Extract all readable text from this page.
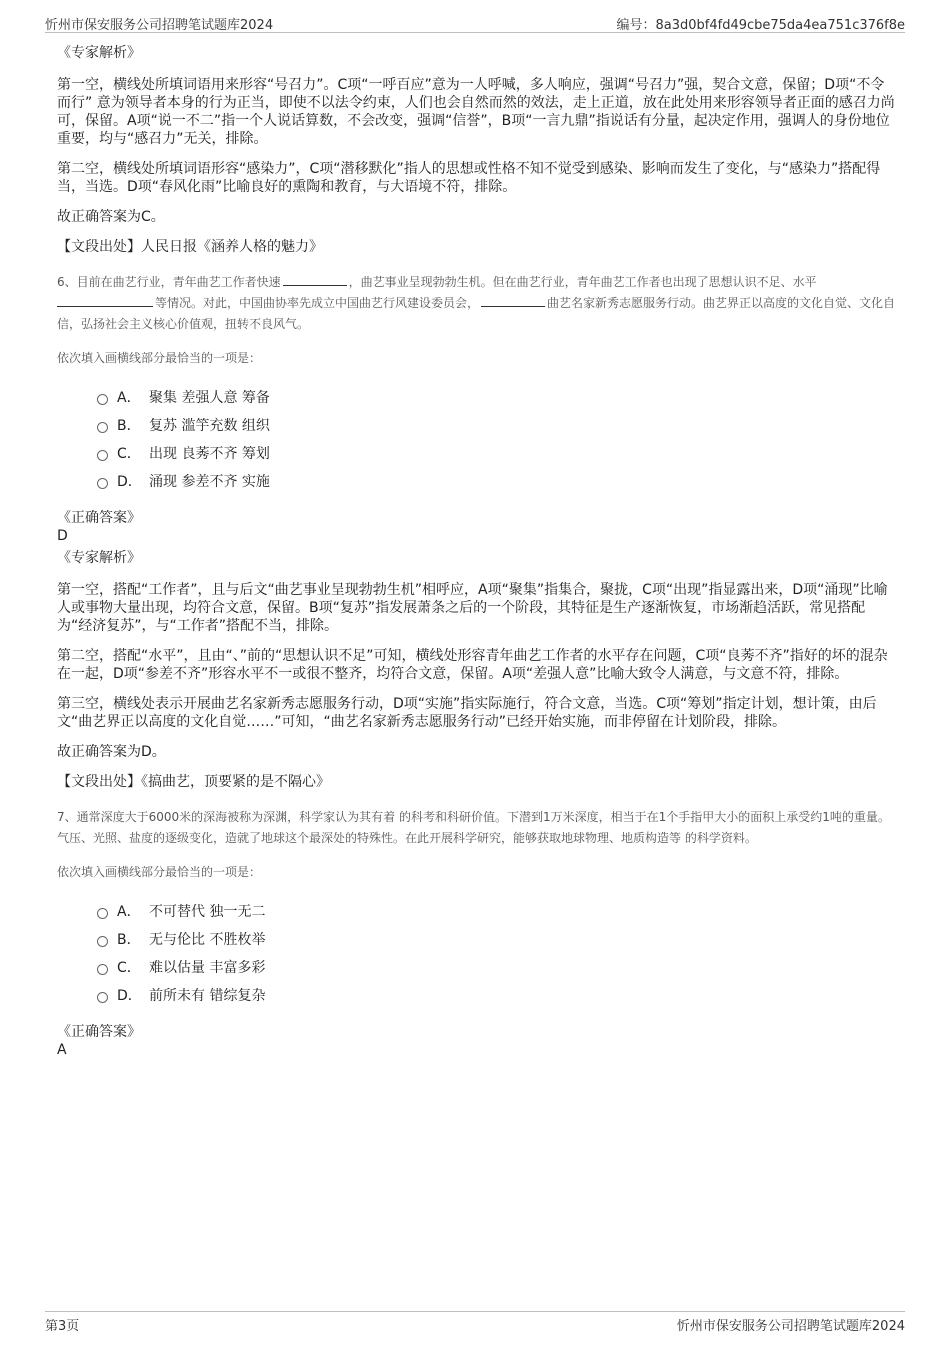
忻州市保安服务公司招聘笔试题库2024	编号：8a3d0bf4fd49cbe75da4ea751c376f8e
《专家解析》

第一空，横线处所填词语用来形容“号召力”。C项“一呼百应”意为一人呼喊，多人响应，强调“号召力”强，契合文意，保留；D项“不令而行” 意为领导者本身的行为正当，即使不以法令约束，人们也会自然而然的效法，走上正道，放在此处用来形容领导者正面的感召力尚可，保留。A项“说一不二”指一个人说话算数，不会改变，强调“信誉”，B项“一言九鼎”指说话有分量，起决定作用，强调人的身份地位重要，均与“感召力”无关，排除。

第二空，横线处所填词语形容“感染力”，C项“潜移默化”指人的思想或性格不知不觉受到感染、影响而发生了变化，与“感染力”搭配得当，当选。D项“春风化雨”比喻良好的熏陶和教育，与大语境不符，排除。

故正确答案为C。

【文段出处】人民日报《涵养人格的魅力》

6、目前在曲艺行业，青年曲艺工作者快速	，曲艺事业呈现勃勃生机。但在曲艺行业，青年曲艺工作者也出现了思想认识不足、水平等情况。对此，中国曲协率先成立中国曲艺行风建设委员会，	曲艺名家新秀志愿服务行动。曲艺界正以高度的文化自觉、文化自信，弘扬社会主义核心价值观，扭转不良风气。

依次填入画横线部分最恰当的一项是：

A． 聚集 差强人意 筹备
B． 复苏 滥竽充数 组织
C． 出现 良莠不齐 筹划
D． 涌现 参差不齐 实施
《正确答案》
D
《专家解析》

第一空，搭配“工作者”，且与后文“曲艺事业呈现勃勃生机”相呼应，A项“聚集”指集合，聚拢，C项“出现”指显露出来，D项“涌现”比喻人或事物大量出现，均符合文意，保留。B项“复苏”指发展萧条之后的一个阶段，其特征是生产逐渐恢复，市场渐趋活跃，常见搭配为“经济复苏”，与“工作者”搭配不当，排除。

第二空，搭配“水平”，且由“、”前的“思想认识不足”可知，横线处形容青年曲艺工作者的水平存在问题，C项“良莠不齐”指好的坏的混杂在一起，D项“参差不齐”形容水平不一或很不整齐，均符合文意，保留。A项“差强人意”比喻大致令人满意，与文意不符，排除。

第三空，横线处表示开展曲艺名家新秀志愿服务行动，D项“实施”指实际施行，符合文意，当选。C项“筹划”指定计划，想计策，由后文“曲艺界正以高度的文化自觉……”可知，“曲艺名家新秀志愿服务行动”已经开始实施，而非停留在计划阶段，排除。

故正确答案为D。

【文段出处】《搞曲艺，顶要紧的是不隔心》

7、通常深度大于6000米的深海被称为深渊，科学家认为其有着 的科考和科研价值。下潜到1万米深度，相当于在1个手指甲大小的面积上承受约1吨的重量。气压、光照、盐度的逐级变化，造就了地球这个最深处的特殊性。在此开展科学研究，能够获取地球物理、地质构造等 的科学资料。

依次填入画横线部分最恰当的一项是：

A． 不可替代 独一无二
B． 无与伦比 不胜枚举
C． 难以估量 丰富多彩
D． 前所未有 错综复杂
《正确答案》
A
第3页	忻州市保安服务公司招聘笔试题库2024
